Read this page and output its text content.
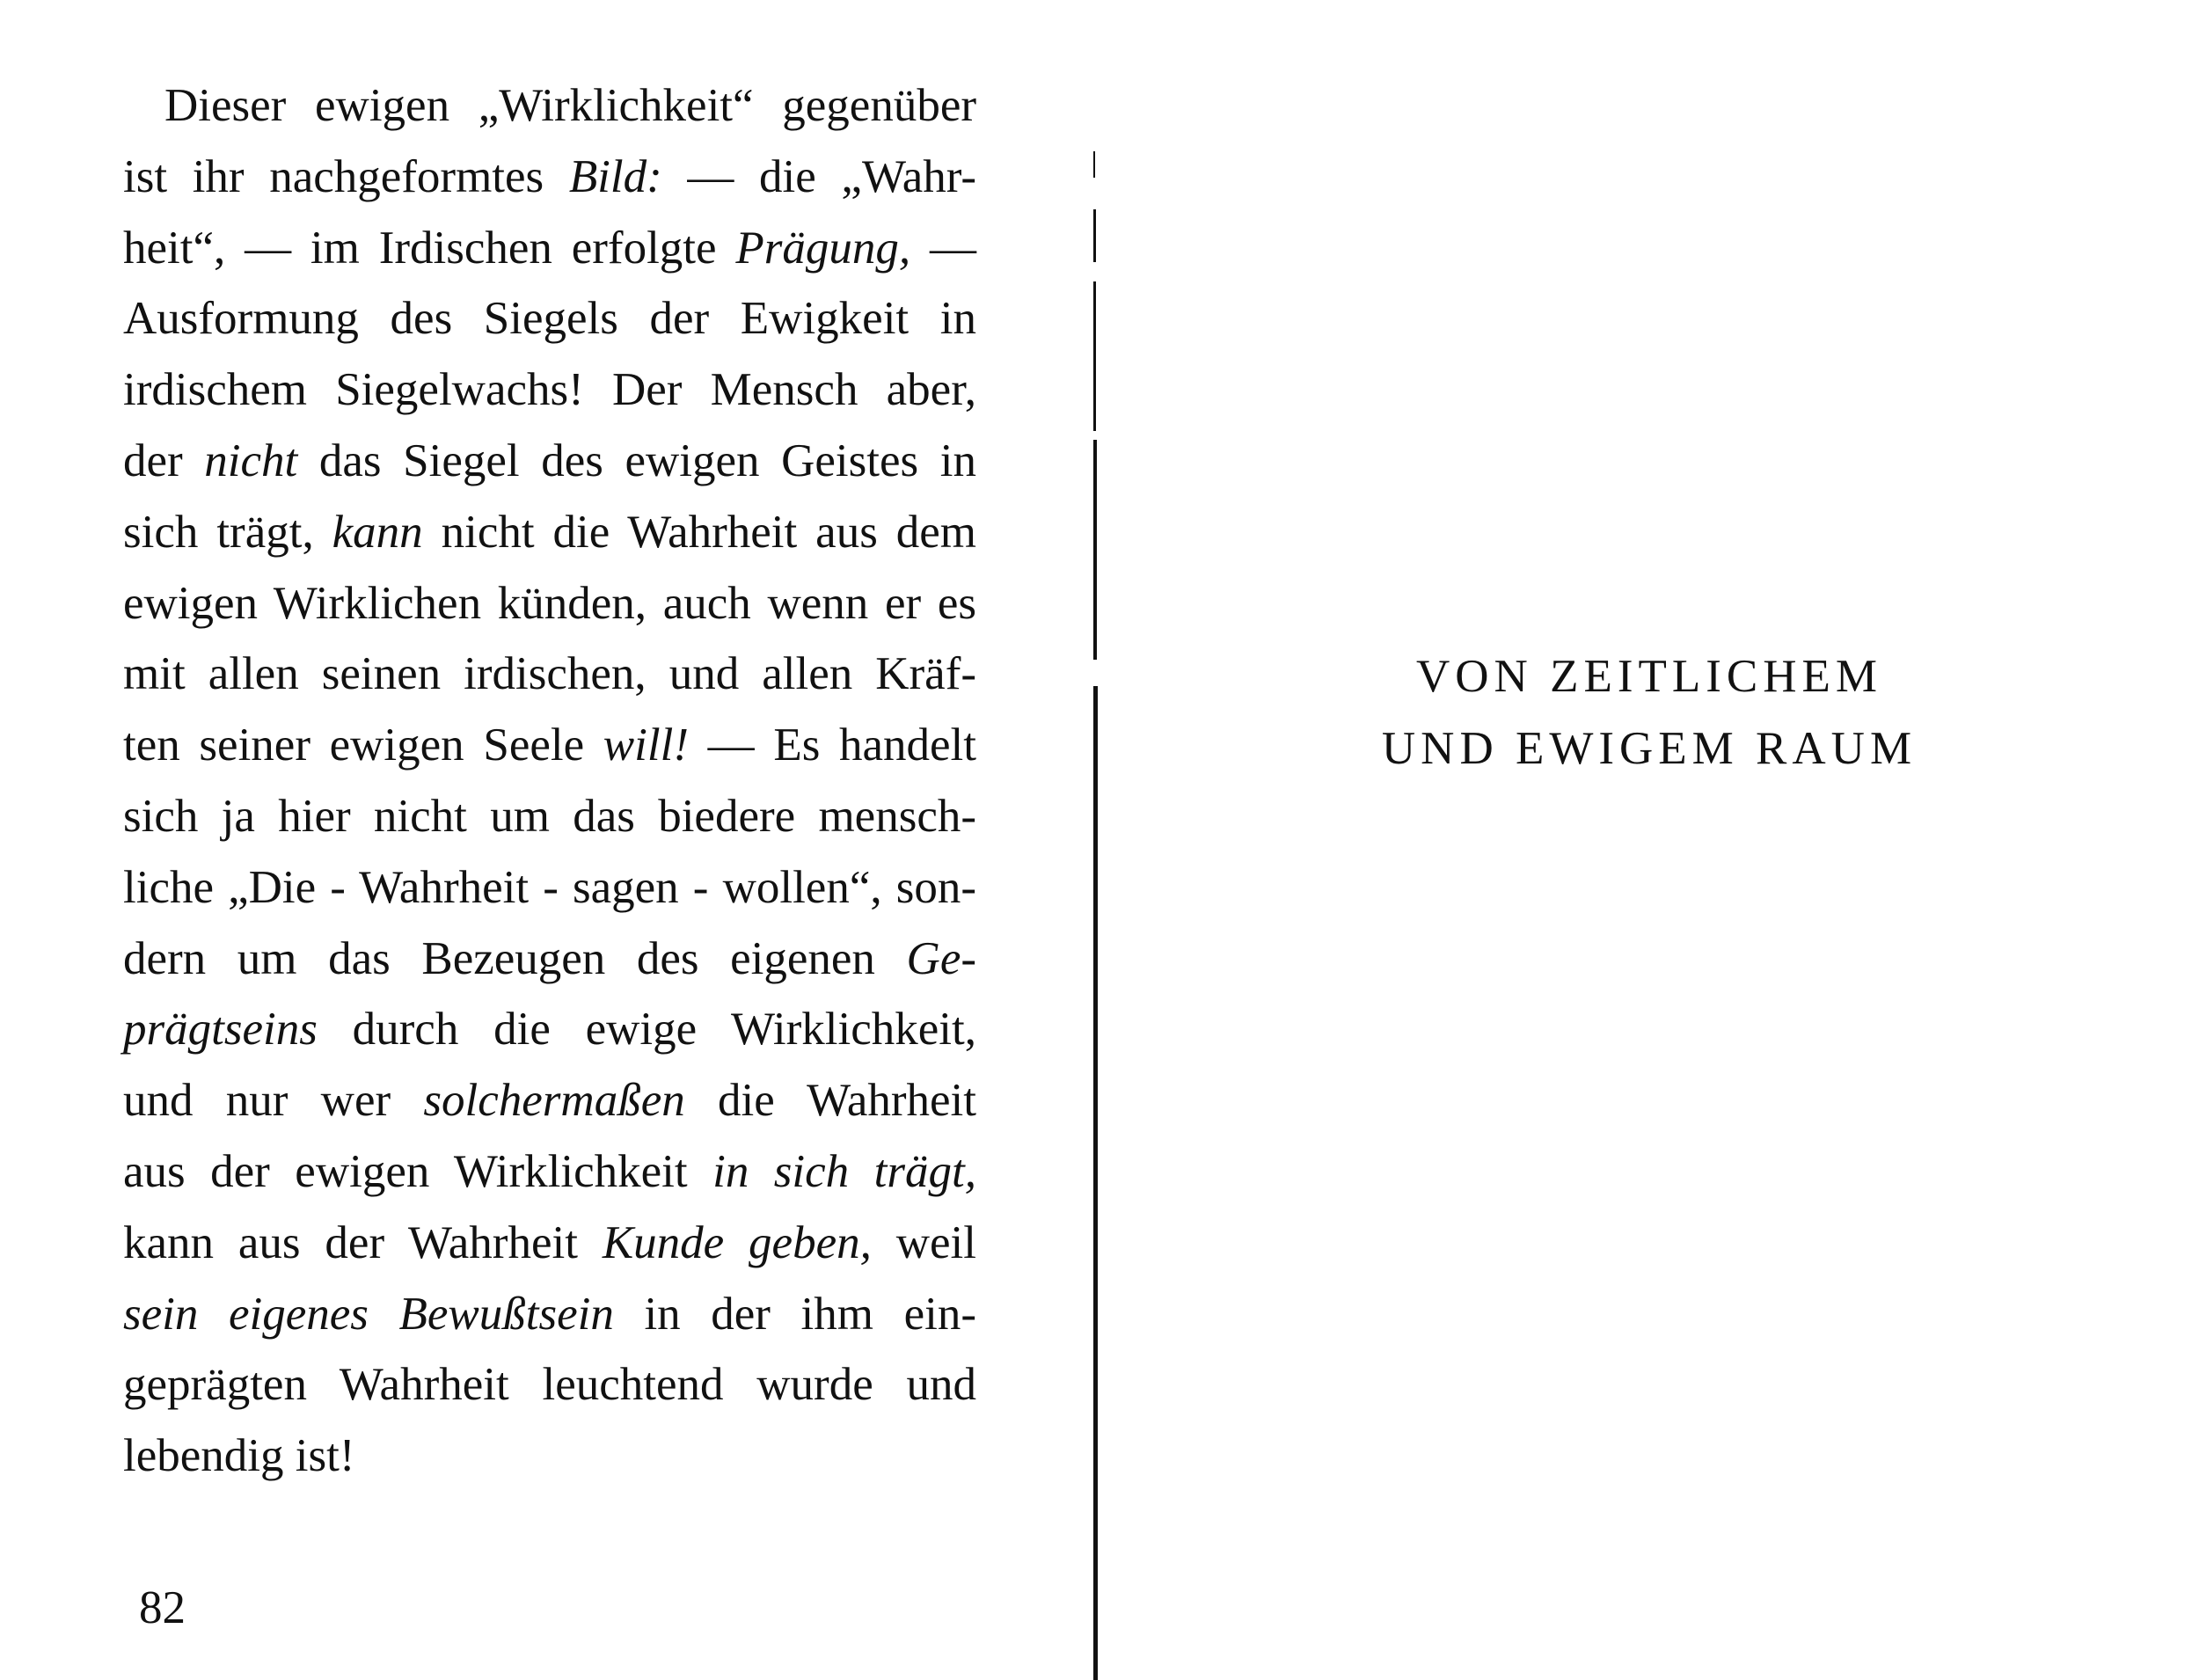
Dieser ewigen „Wirklichkeit“ gegenüber
ist ihr nachgeformtes Bild: — die „Wahr-
heit“, — im Irdischen erfolgte Prägung, —
Ausformung des Siegels der Ewigkeit in
irdischem Siegelwachs! Der Mensch aber,
der nicht das Siegel des ewigen Geistes in
sich trägt, kann nicht die Wahrheit aus dem
ewigen Wirklichen künden, auch wenn er es
mit allen seinen irdischen, und allen Kräf-
ten seiner ewigen Seele will! — Es handelt
sich ja hier nicht um das biedere mensch-
liche „Die - Wahrheit - sagen - wollen“, son-
dern um das Bezeugen des eigenen Ge-
prägtseins durch die ewige Wirklichkeit,
und nur wer solchermaßen die Wahrheit
aus der ewigen Wirklichkeit in sich trägt,
kann aus der Wahrheit Kunde geben, weil
sein eigenes Bewußtsein in der ihm ein-
geprägten Wahrheit leuchtend wurde und
lebendig ist!
82
VON ZEITLICHEM
UND EWIGEM RAUM
